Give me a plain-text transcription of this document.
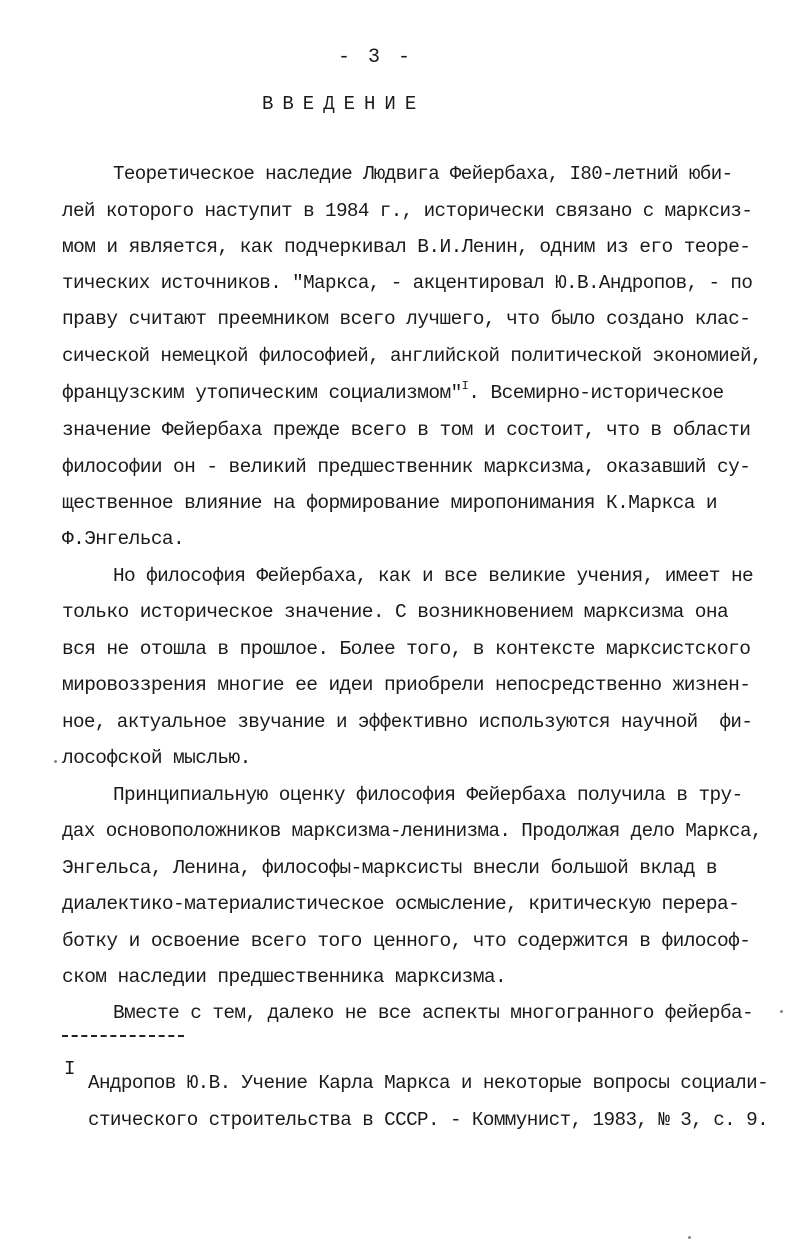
- 3 -
ВВЕДЕНИЕ
Теоретическое наследие Людвига Фейербаха, I80-летний юби-
лей которого наступит в 1984 г., исторически связано с марксиз-
мом и является, как подчеркивал В.И.Ленин, одним из его теоре-
тических источников. "Маркса, - акцентировал Ю.В.Андропов, - по
праву считают преемником всего лучшего, что было создано клас-
сической немецкой философией, английской политической экономией,
французским утопическим социализмом"$^I$. Всемирно-историческое
значение Фейербаха прежде всего в том и состоит, что в области
философии он - великий предшественник марксизма, оказавший су-
щественное влияние на формирование миропонимания К.Маркса и
Ф.Энгельса.
Но философия Фейербаха, как и все великие учения, имеет не
только историческое значение. С возникновением марксизма она
вся не отошла в прошлое. Более того, в контексте марксистского
мировоззрения многие ее идеи приобрели непосредственно жизнен-
ное, актуальное звучание и эффективно используются научной  фи-
лософской мыслью.
Принципиальную оценку философия Фейербаха получила в тру-
дах основоположников марксизма-ленинизма. Продолжая дело Маркса,
Энгельса, Ленина, философы-марксисты внесли большой вклад в
диалектико-материалистическое осмысление, критическую перера-
ботку и освоение всего того ценного, что содержится в философ-
ском наследии предшественника марксизма.
Вместе с тем, далеко не все аспекты многогранного фейерба-
I
Андропов Ю.В. Учение Карла Маркса и некоторые вопросы социали-
стического строительства в СССР. - Коммунист, 1983, № 3, с. 9.
